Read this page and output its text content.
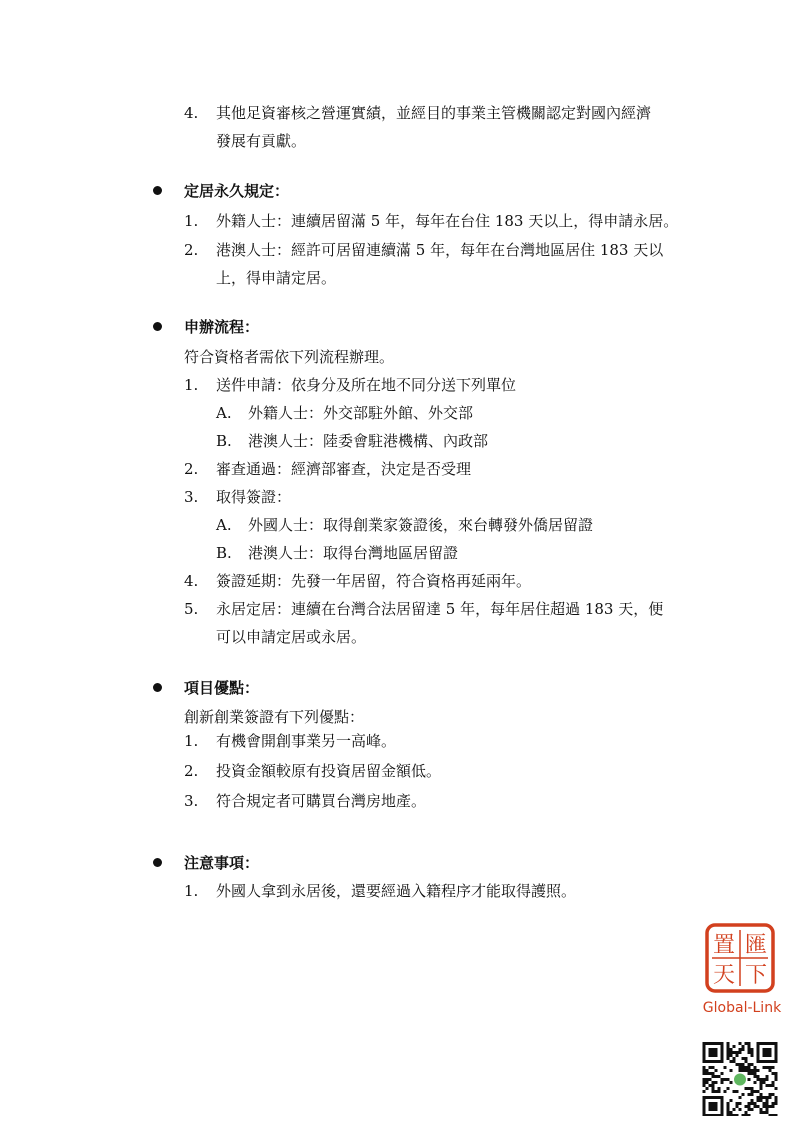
4. 其他足資審核之營運實績，並經目的事業主管機關認定對國內經濟
發展有貢獻。
定居永久規定：
1. 外籍人士：連續居留滿 5 年，每年在台住 183 天以上，得申請永居。
2. 港澳人士：經許可居留連續滿 5 年，每年在台灣地區居住 183 天以
上，得申請定居。
申辦流程：
符合資格者需依下列流程辦理。
1. 送件申請：依身分及所在地不同分送下列單位
A. 外籍人士：外交部駐外館、外交部
B. 港澳人士：陸委會駐港機構、內政部
2. 審查通過：經濟部審查，決定是否受理
3. 取得簽證：
A. 外國人士：取得創業家簽證後，來台轉發外僑居留證
B. 港澳人士：取得台灣地區居留證
4. 簽證延期：先發一年居留，符合資格再延兩年。
5. 永居定居：連續在台灣合法居留達 5 年，每年居住超過 183 天，便
可以申請定居或永居。
項目優點：
創新創業簽證有下列優點：
1. 有機會開創事業另一高峰。
2. 投資金額較原有投資居留金額低。
3. 符合規定者可購買台灣房地產。
注意事項：
1. 外國人拿到永居後，還要經過入籍程序才能取得護照。
匯
置
下
天
Global-Link
